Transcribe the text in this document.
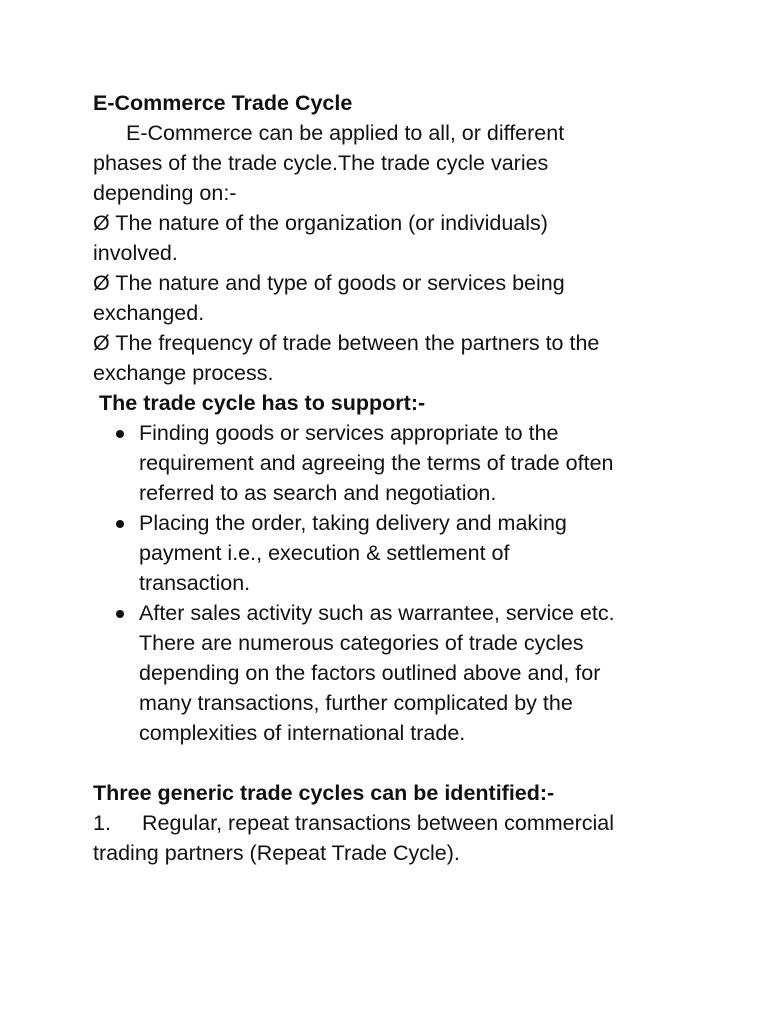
E-Commerce Trade Cycle

E-Commerce can be applied to all, or different

phases of the trade cycle.The trade cycle varies

depending on:-

Ø The nature of the organization (or individuals)

involved.

Ø The nature and type of goods or services being

exchanged.

Ø The frequency of trade between the partners to the

exchange process.

The trade cycle has to support:-

Finding goods or services appropriate to the

requirement and agreeing the terms of trade often

referred to as search and negotiation.

Placing the order, taking delivery and making

payment i.e., execution & settlement of

transaction.

After sales activity such as warrantee, service etc.

There are numerous categories of trade cycles

depending on the factors outlined above and, for

many transactions, further complicated by the

complexities of international trade.

Three generic trade cycles can be identified:-

1. Regular, repeat transactions between commercial

trading partners (Repeat Trade Cycle).
